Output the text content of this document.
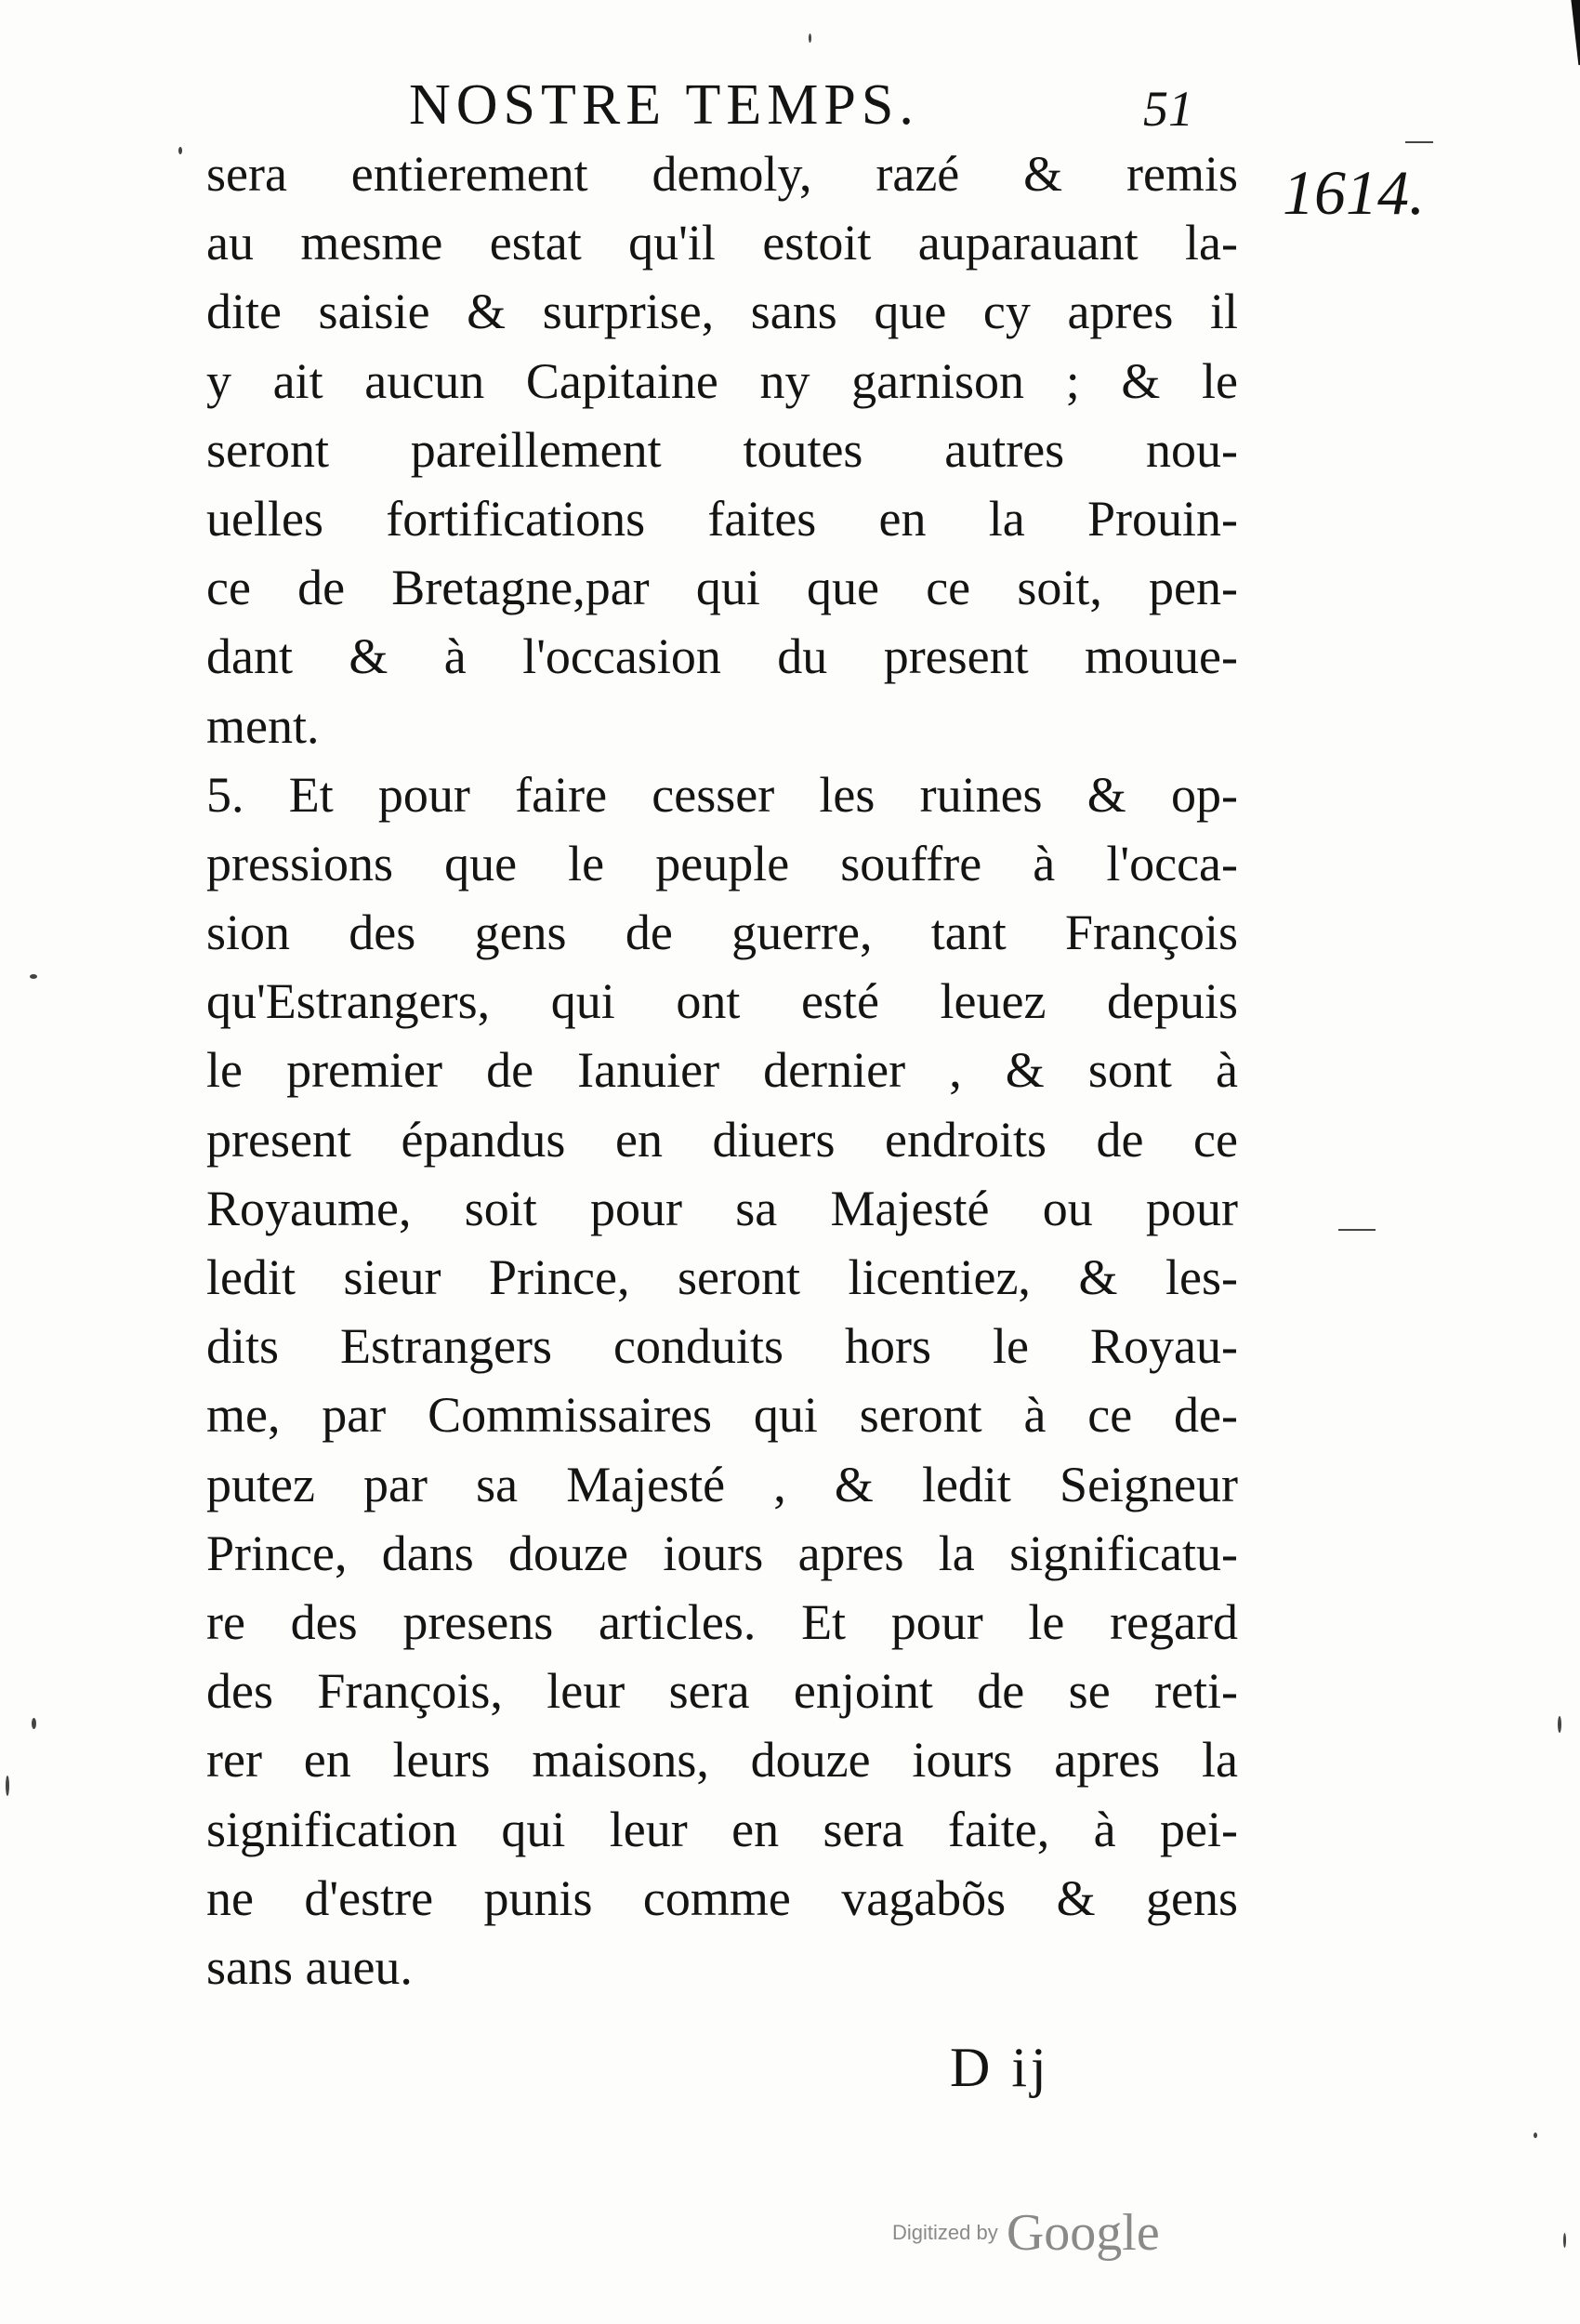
NOSTRE TEMPS.	51
1614.
sera entierement demoly, razé & remis
au mesme estat qu'il estoit auparauant la-
dite saisie & surprise, sans que cy apres il
y ait aucun Capitaine ny garnison ; & le
seront pareillement toutes autres nou-
uelles fortifications faites en la Prouin-
ce de Bretagne,par qui que ce soit, pen-
dant & à l'occasion du present mouue-
ment.
5. Et pour faire cesser les ruines & op-
pressions que le peuple souffre à l'occa-
sion des gens de guerre, tant François
qu'Estrangers, qui ont esté leuez depuis
le premier de Ianuier dernier , & sont à
present épandus en diuers endroits de ce
Royaume, soit pour sa Majesté ou pour
ledit sieur Prince, seront licentiez, & les-
dits Estrangers conduits hors le Royau-
me, par Commissaires qui seront à ce de-
putez par sa Majesté , & ledit Seigneur
Prince, dans douze iours apres la significatu-
re des presens articles. Et pour le regard
des François, leur sera enjoint de se reti-
rer en leurs maisons, douze iours apres la
signification qui leur en sera faite, à pei-
ne d'estre punis comme vagabõs & gens
sans aueu.
D ij
Digitized by Google
